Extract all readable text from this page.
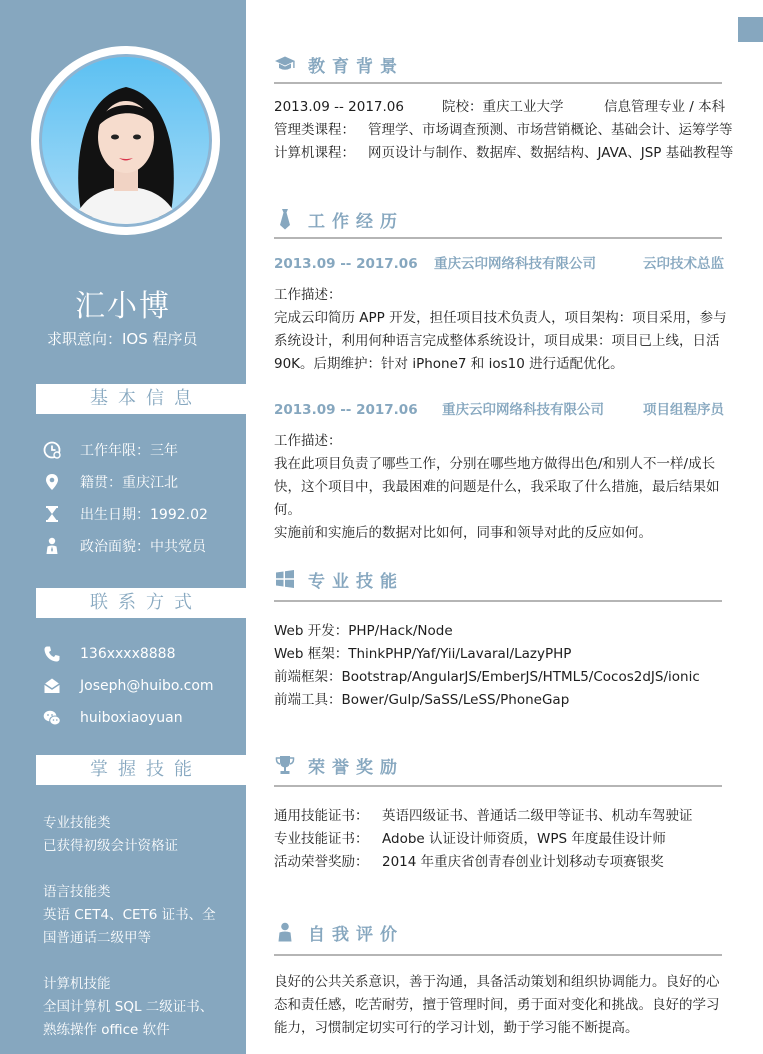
汇小博
求职意向：IOS 程序员
基本信息
工作年限：三年
籍贯：重庆江北
出生日期：1992.02
政治面貌：中共党员
联系方式
136xxxx8888
Joseph@huibo.com
huiboxiaoyuan
掌握技能
专业技能类
已获得初级会计资格证
语言技能类
英语 CET4、CET6 证书、全
国普通话二级甲等
计算机技能
全国计算机 SQL 二级证书、
熟练操作 office 软件
教育背景
2013.09 -- 2017.06	院校：重庆工业大学	信息管理专业 / 本科
管理类课程： 管理学、市场调查预测、市场营销概论、基础会计、运筹学等
计算机课程： 网页设计与制作、数据库、数据结构、JAVA、JSP 基础教程等
工作经历
2013.09 -- 2017.06 重庆云印网络科技有限公司	云印技术总监
工作描述：
完成云印简历 APP 开发，担任项目技术负责人，项目架构：项目采用，参与
系统设计，利用何种语言完成整体系统设计，项目成果：项目已上线，日活
90K。后期维护：针对 iPhone7 和 ios10 进行适配优化。
2013.09 -- 2017.06 重庆云印网络科技有限公司	项目组程序员
工作描述：
我在此项目负责了哪些工作，分别在哪些地方做得出色/和别人不一样/成长
快，这个项目中，我最困难的问题是什么，我采取了什么措施，最后结果如何。
实施前和实施后的数据对比如何，同事和领导对此的反应如何。
专业技能
Web 开发：PHP/Hack/Node
Web 框架：ThinkPHP/Yaf/Yii/Lavaral/LazyPHP
前端框架：Bootstrap/AngularJS/EmberJS/HTML5/Cocos2dJS/ionic
前端工具：Bower/Gulp/SaSS/LeSS/PhoneGap
荣誉奖励
通用技能证书： 英语四级证书、普通话二级甲等证书、机动车驾驶证
专业技能证书： Adobe 认证设计师资质，WPS 年度最佳设计师
活动荣誉奖励： 2014 年重庆省创青春创业计划移动专项赛银奖
自我评价
良好的公共关系意识，善于沟通，具备活动策划和组织协调能力。良好的心
态和责任感，吃苦耐劳，擅于管理时间，勇于面对变化和挑战。良好的学习
能力，习惯制定切实可行的学习计划，勤于学习能不断提高。
